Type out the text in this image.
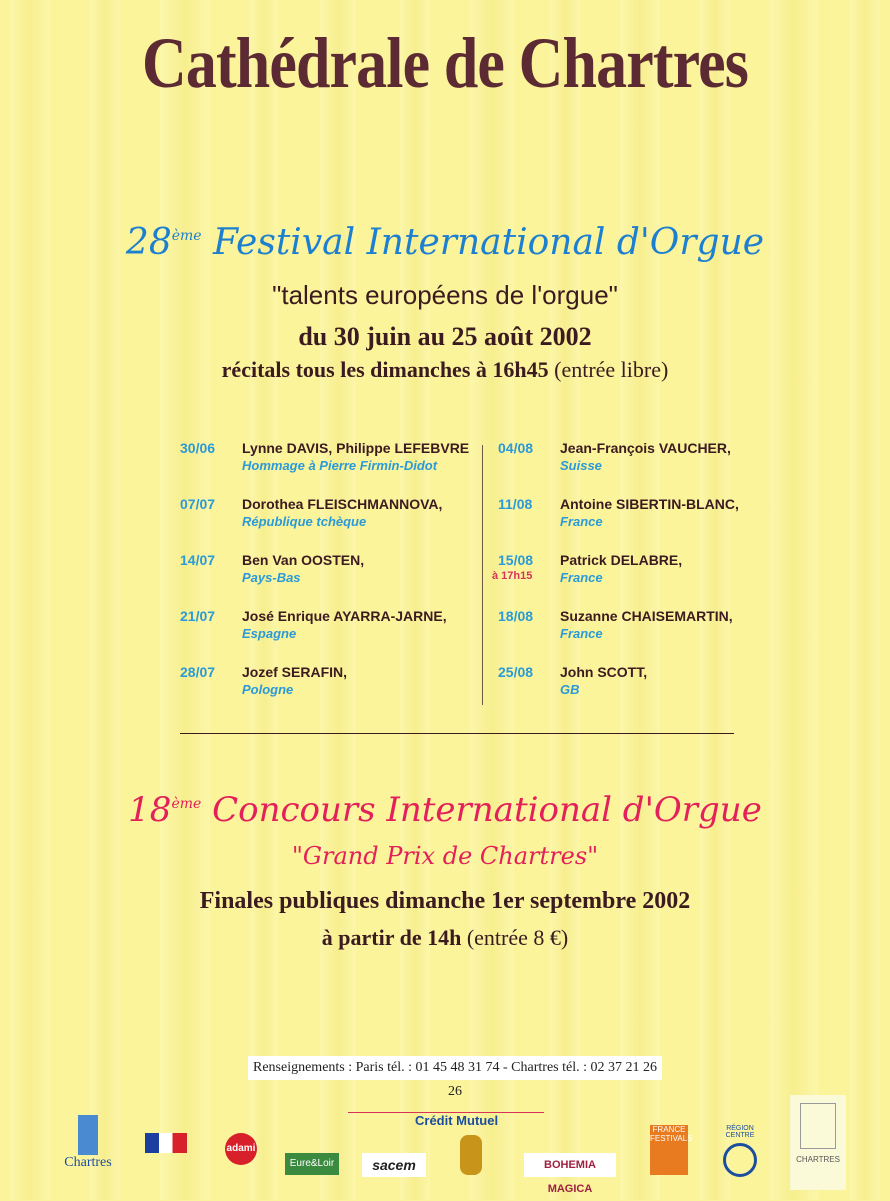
Cathédrale de Chartres
28ème Festival International d'Orgue
"talents européens de l'orgue"
du 30 juin au 25 août 2002
récitals tous les dimanches à 16h45 (entrée libre)
30/06 Lynne DAVIS, Philippe LEFEBVRE
Hommage à Pierre Firmin-Didot
07/07 Dorothea FLEISCHMANNOVA,
République tchèque
14/07 Ben Van OOSTEN,
Pays-Bas
21/07 José Enrique AYARRA-JARNE,
Espagne
28/07 Jozef SERAFIN,
Pologne
04/08 Jean-François VAUCHER,
Suisse
11/08 Antoine SIBERTIN-BLANC,
France
15/08
à 17h15
Patrick DELABRE,
France
18/08 Suzanne CHAISEMARTIN,
France
25/08 John SCOTT,
GB
18ème Concours International d'Orgue
"Grand Prix de Chartres"
Finales publiques dimanche 1er septembre 2002
à partir de 14h (entrée 8 €)
Renseignements : Paris tél. : 01 45 48 31 74 - Chartres tél. : 02 37 21 26 26
Crédit Mutuel
Chartres
adami
Eure&Loir	sacem	BOHEMIA MAGICA
FRANCE FESTIVALS
RÉGION CENTRE
CHARTRES
